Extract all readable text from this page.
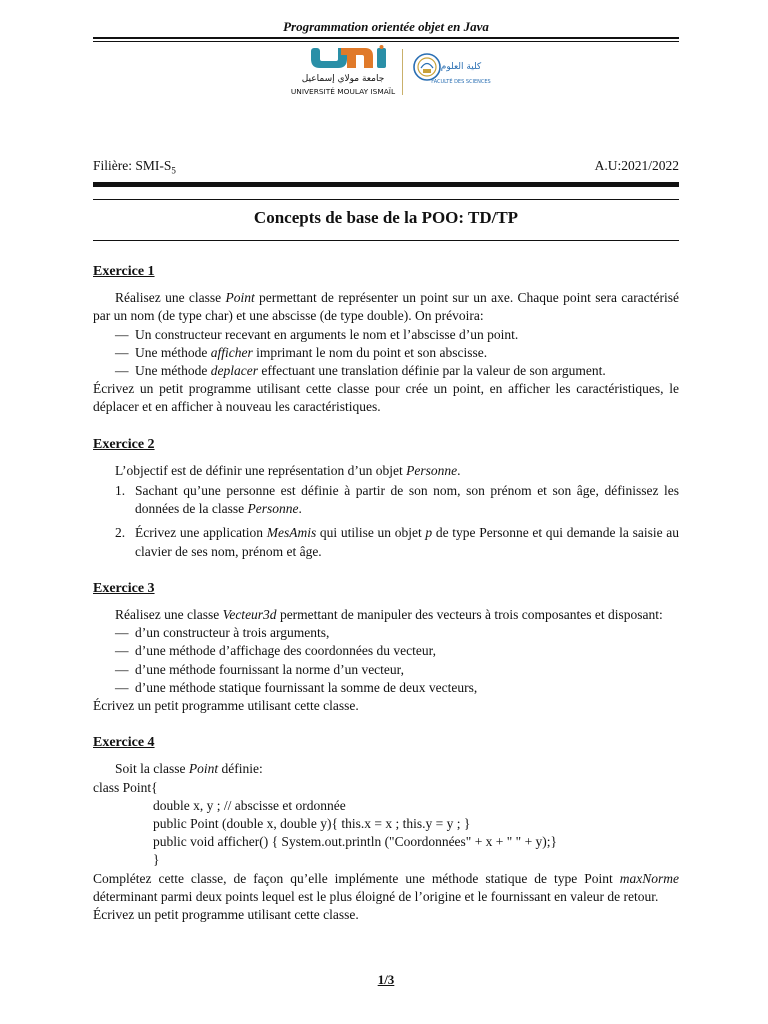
Programmation orientée objet en Java
جامعة مولاي إسماعيل
UNIVERSITÉ MOULAY ISMAÏL
كلية العلوم
FACULTÉ DES SCIENCES
Filière: SMI-$S_5$	A.U:2021/2022
Concepts de base de la POO: TD/TP

Exercice 1

Réalisez une classe Point permettant de représenter un point sur un axe. Chaque point sera caractérisé par un nom (de type char) et une abscisse (de type double). On prévoira:

— Un constructeur recevant en arguments le nom et l’abscisse d’un point.

— Une méthode afficher imprimant le nom du point et son abscisse.

— Une méthode deplacer effectuant une translation définie par la valeur de son argument.

Écrivez un petit programme utilisant cette classe pour crée un point, en afficher les caractéristiques, le déplacer et en afficher à nouveau les caractéristiques.

Exercice 2

L’objectif est de définir une représentation d’un objet Personne.

1. Sachant qu’une personne est définie à partir de son nom, son prénom et son âge, définissez les données de la classe Personne.

2. Écrivez une application MesAmis qui utilise un objet p de type Personne et qui demande la saisie au clavier de ses nom, prénom et âge.

Exercice 3

Réalisez une classe Vecteur3d permettant de manipuler des vecteurs à trois composantes et disposant:

— d’un constructeur à trois arguments,

— d’une méthode d’affichage des coordonnées du vecteur,

— d’une méthode fournissant la norme d’un vecteur,

— d’une méthode statique fournissant la somme de deux vecteurs,

Écrivez un petit programme utilisant cette classe.

Exercice 4

Soit la classe Point définie:

class Point{

double x, y ; // abscisse et ordonnée

public Point (double x, double y){ this.x = x ; this.y = y ; }

public void afficher() { System.out.println ("Coordonnées" + x + " " + y);}

}

Complétez cette classe, de façon qu’elle implémente une méthode statique de type Point maxNorme déterminant parmi deux points lequel est le plus éloigné de l’origine et le fournissant en valeur de retour.

Écrivez un petit programme utilisant cette classe.

1/3
